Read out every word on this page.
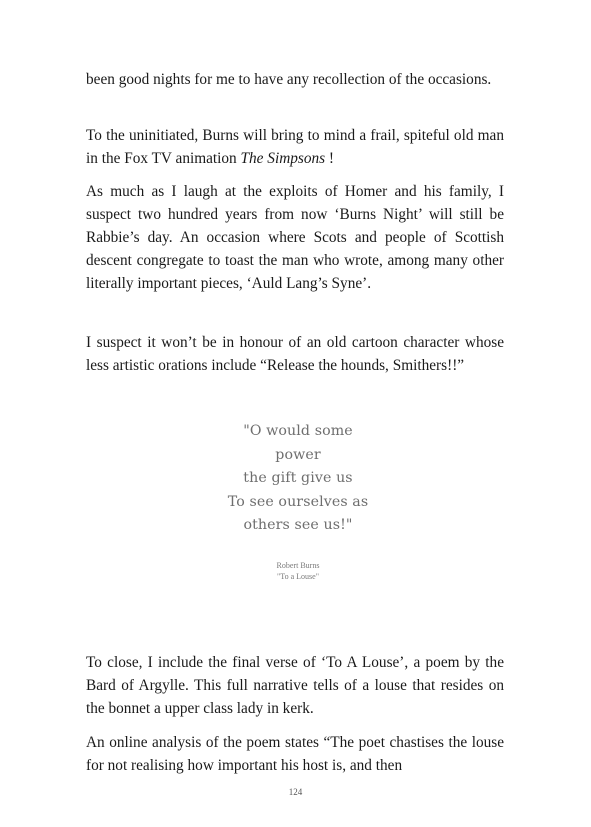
been good nights for me to have any recollection of the occasions.

To the uninitiated, Burns will bring to mind a frail, spiteful old man in the Fox TV animation The Simpsons !

As much as I laugh at the exploits of Homer and his family, I suspect two hundred years from now ‘Burns Night’ will still be Rabbie’s day. An occasion where Scots and people of Scottish descent congregate to toast the man who wrote, among many other literally important pieces, ‘Auld Lang’s Syne’.

I suspect it won’t be in honour of an old cartoon character whose less artistic orations include “Release the hounds, Smithers!!”

"O would some
power
the gift give us
To see ourselves as
others see us!"
Robert Burns
"To a Louse"

To close, I include the final verse of ‘To A Louse’, a poem by the Bard of Argylle. This full narrative tells of a louse that resides on the bonnet a upper class lady in kerk.

An online analysis of the poem states “The poet chastises the louse for not realising how important his host is, and then

124
